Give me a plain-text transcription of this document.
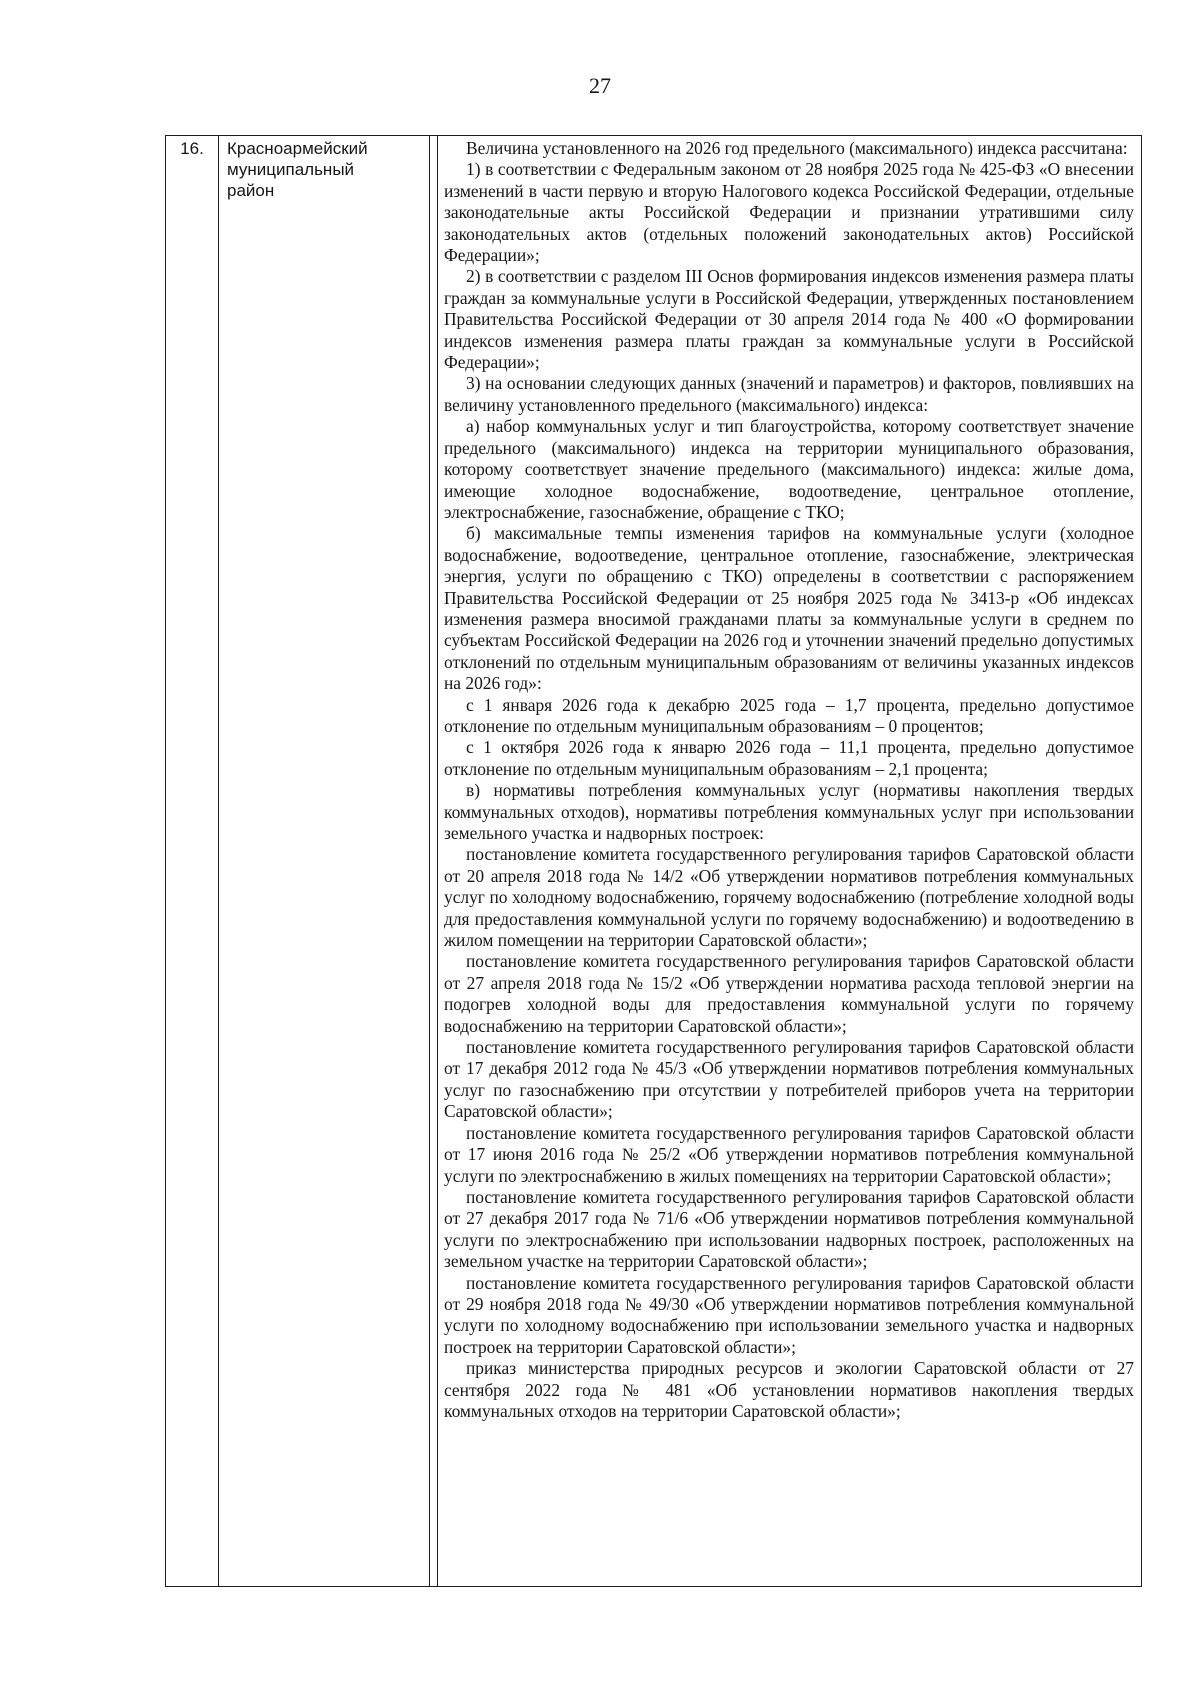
27
16.	Красноармейский
муниципальный
район

Величина установленного на 2026 год предельного (максимального) индекса рассчитана:

1) в соответствии с Федеральным законом от 28 ноября 2025 года № 425-ФЗ «О внесении изменений в части первую и вторую Налогового кодекса Российской Федерации, отдельные законодательные акты Российской Федерации и признании утратившими силу законодательных актов (отдельных положений законодательных актов) Российской Федерации»;

2) в соответствии с разделом III Основ формирования индексов изменения размера платы граждан за коммунальные услуги в Российской Федерации, утвержденных постановлением Правительства Российской Федерации от 30 апреля 2014 года № 400 «О формировании индексов изменения размера платы граждан за коммунальные услуги в Российской Федерации»;

3) на основании следующих данных (значений и параметров) и факторов, повлиявших на величину установленного предельного (максимального) индекса:

а) набор коммунальных услуг и тип благоустройства, которому соответствует значение предельного (максимального) индекса на территории муниципального образования, которому соответствует значение предельного (максимального) индекса: жилые дома, имеющие холодное водоснабжение, водоотведение, центральное отопление, электроснабжение, газоснабжение, обращение с ТКО;

б) максимальные темпы изменения тарифов на коммунальные услуги (холодное водоснабжение, водоотведение, центральное отопление, газоснабжение, электрическая энергия, услуги по обращению с ТКО) определены в соответствии с распоряжением Правительства Российской Федерации от 25 ноября 2025 года № 3413-р «Об индексах изменения размера вносимой гражданами платы за коммунальные услуги в среднем по субъектам Российской Федерации на 2026 год и уточнении значений предельно допустимых отклонений по отдельным муниципальным образованиям от величины указанных индексов на 2026 год»:

с 1 января 2026 года к декабрю 2025 года – 1,7 процента, предельно допустимое отклонение по отдельным муниципальным образованиям – 0 процентов;

с 1 октября 2026 года к январю 2026 года – 11,1 процента, предельно допустимое отклонение по отдельным муниципальным образованиям – 2,1 процента;

в) нормативы потребления коммунальных услуг (нормативы накопления твердых коммунальных отходов), нормативы потребления коммунальных услуг при использовании земельного участка и надворных построек:

постановление комитета государственного регулирования тарифов Саратовской области от 20 апреля 2018 года № 14/2 «Об утверждении нормативов потребления коммунальных услуг по холодному водоснабжению, горячему водоснабжению (потребление холодной воды для предоставления коммунальной услуги по горячему водоснабжению) и водоотведению в жилом помещении на территории Саратовской области»;

постановление комитета государственного регулирования тарифов Саратовской области от 27 апреля 2018 года № 15/2 «Об утверждении норматива расхода тепловой энергии на подогрев холодной воды для предоставления коммунальной услуги по горячему водоснабжению на территории Саратовской области»;

постановление комитета государственного регулирования тарифов Саратовской области от 17 декабря 2012 года № 45/3 «Об утверждении нормативов потребления коммунальных услуг по газоснабжению при отсутствии у потребителей приборов учета на территории Саратовской области»;

постановление комитета государственного регулирования тарифов Саратовской области от 17 июня 2016 года № 25/2 «Об утверждении нормативов потребления коммунальной услуги по электроснабжению в жилых помещениях на территории Саратовской области»;

постановление комитета государственного регулирования тарифов Саратовской области от 27 декабря 2017 года № 71/6 «Об утверждении нормативов потребления коммунальной услуги по электроснабжению при использовании надворных построек, расположенных на земельном участке на территории Саратовской области»;

постановление комитета государственного регулирования тарифов Саратовской области от 29 ноября 2018 года № 49/30 «Об утверждении нормативов потребления коммунальной услуги по холодному водоснабжению при использовании земельного участка и надворных построек на территории Саратовской области»;

приказ министерства природных ресурсов и экологии Саратовской области от 27 сентября 2022 года № 481 «Об установлении нормативов накопления твердых коммунальных отходов на территории Саратовской области»;
